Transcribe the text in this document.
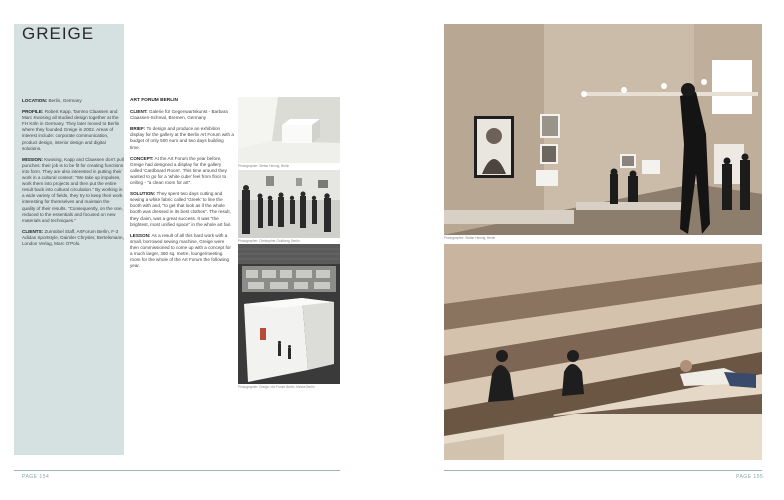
GREIGE

LOCATION: Berlin, Germany

PROFILE: Robert Kapp, Tammo Claassen and Marc Kwosing all studied design together at the FH Köln in Germany. They later moved to Berlin where they founded Greige in 2002. Areas of interest include: corporate communication, product design, interior design and digital solutions.

MISSION: Kwosing, Kapp and Claassen don't pull punches: their job is to be fit for creating functions into form. They are also interested in putting their work in a cultural context: "We take up impulses, work them into projects and then put the entire result back into cultural circulation." By working in a wide variety of fields, they try to keep their work interesting for themselves and maintain the quality of their results. "Consequently, on the one, reduced to the essentials and focused on new materials and techniques."

CLIENTS: Zumtobel Staff, ArtForum Berlin, F-3 Adidas Sportstyle, Daimler Chrysler, Bertelsmann, London Verlag, Marc O'Polo.

ART FORUM BERLIN

CLIENT: Galerie für Gegenwartskunst - Barbara Claassen-Schmal, Bremen, Germany

BRIEF: To design and produce an exhibition display for the gallery at the Berlin Art Forum with a budget of only 500 euro and two days building time.

CONCEPT: At the Art Forum the year before, Greige had designed a display for the gallery called 'Cardboard Room'. This time around they wanted to go for a 'white cube' feel from floor to ceiling - "a clean room for art".

SOLUTION: They spent two days cutting and sewing a white fabric called 'Greek' to line the booth with and, "to get that look as if the whole booth was dressed in its best clothes". The result, they claim, was a great success. It was "the brightest, most unified space" in the whole art fair.

LESSON: As a result of all this hard work with a small, borrowed sewing machine, Greige were then commissioned to come up with a concept for a much larger, 360 sq. metre, lounge/meeting room for the whole of the Art Forum the following year.

Photographer: Stefan Hennig, Berlin
Photographer: Christopher Goldberg, Berlin
Photographer: Greige / Art Forum Berlin, Messe Berlin
PAGE 154
Photographer: Stefan Hennig, Berlin
PAGE 155
